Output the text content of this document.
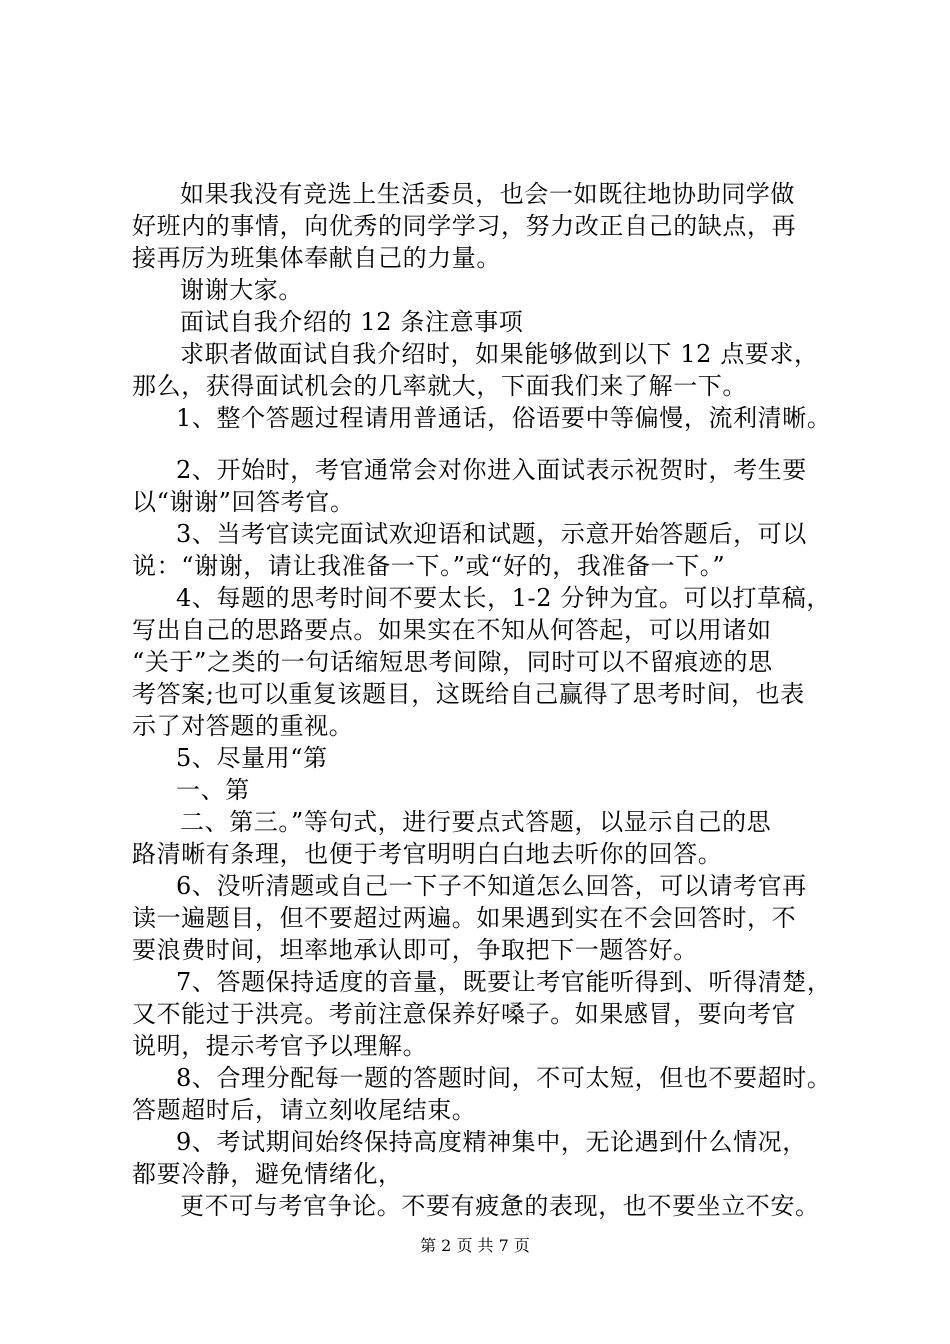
如果我没有竞选上生活委员，也会一如既往地协助同学做
好班内的事情，向优秀的同学学习，努力改正自己的缺点，再
接再厉为班集体奉献自己的力量。
谢谢大家。
面试自我介绍的 12 条注意事项
求职者做面试自我介绍时，如果能够做到以下 12 点要求，
那么，获得面试机会的几率就大，下面我们来了解一下。
1、整个答题过程请用普通话，俗语要中等偏慢，流利清晰。
2、开始时，考官通常会对你进入面试表示祝贺时，考生要
以“谢谢”回答考官。
3、当考官读完面试欢迎语和试题，示意开始答题后，可以
说：“谢谢，请让我准备一下。”或“好的，我准备一下。”
4、每题的思考时间不要太长，1-2 分钟为宜。可以打草稿，
写出自己的思路要点。如果实在不知从何答起，可以用诸如
“关于”之类的一句话缩短思考间隙，同时可以不留痕迹的思
考答案;也可以重复该题目，这既给自己赢得了思考时间，也表
示了对答题的重视。
5、尽量用“第
一、第
二、第三。”等句式，进行要点式答题，以显示自己的思
路清晰有条理，也便于考官明明白白地去听你的回答。
6、没听清题或自己一下子不知道怎么回答，可以请考官再
读一遍题目，但不要超过两遍。如果遇到实在不会回答时，不
要浪费时间，坦率地承认即可，争取把下一题答好。
7、答题保持适度的音量，既要让考官能听得到、听得清楚，
又不能过于洪亮。考前注意保养好嗓子。如果感冒，要向考官
说明，提示考官予以理解。
8、合理分配每一题的答题时间，不可太短，但也不要超时。
答题超时后，请立刻收尾结束。
9、考试期间始终保持高度精神集中，无论遇到什么情况，
都要冷静，避免情绪化，
更不可与考官争论。不要有疲惫的表现，也不要坐立不安。
第 2 页 共 7 页
